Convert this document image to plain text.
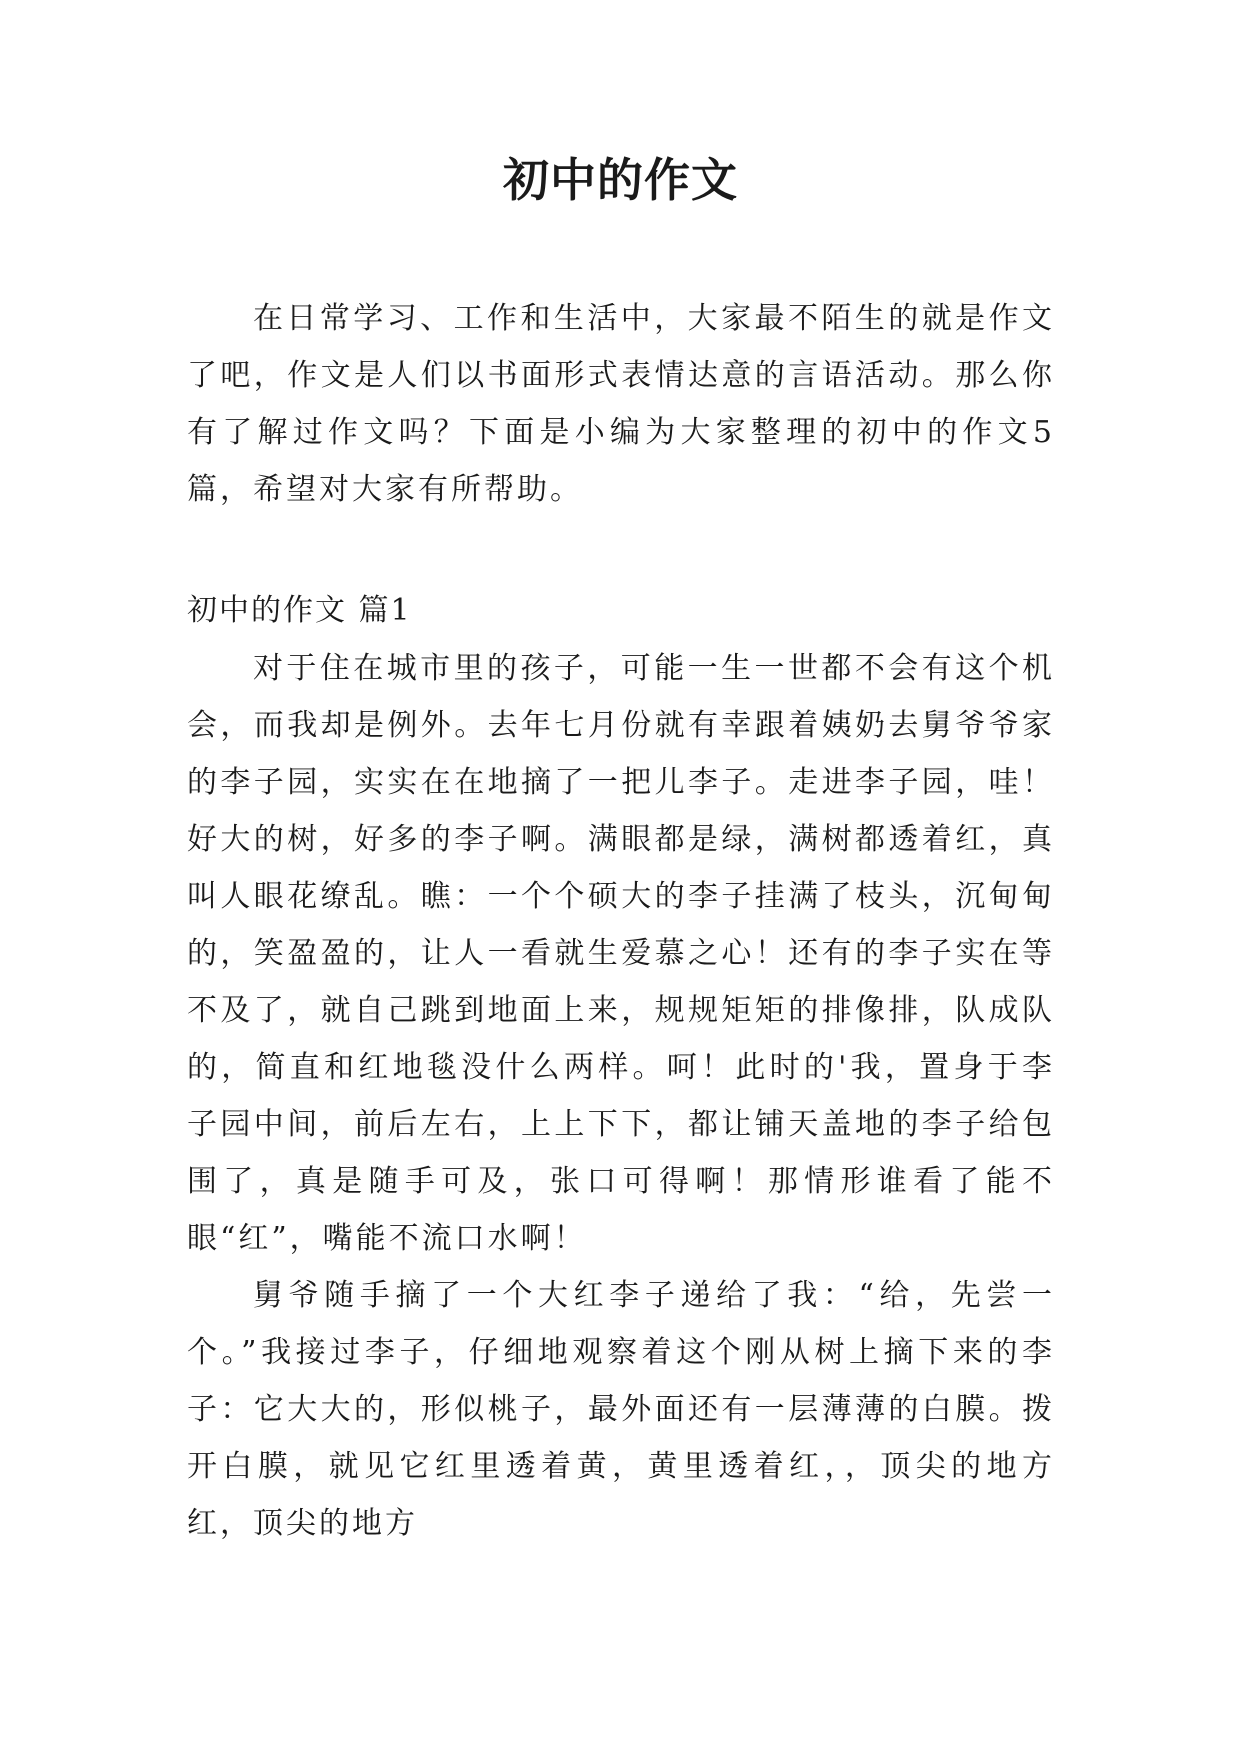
初中的作文

在日常学习、工作和生活中，大家最不陌生的就是作文了吧，作文是人们以书面形式表情达意的言语活动。那么你有了解过作文吗？下面是小编为大家整理的初中的作文5篇，希望对大家有所帮助。

初中的作文 篇1

对于住在城市里的孩子，可能一生一世都不会有这个机会，而我却是例外。去年七月份就有幸跟着姨奶去舅爷爷家的李子园，实实在在地摘了一把儿李子。走进李子园，哇！好大的树，好多的李子啊。满眼都是绿，满树都透着红，真叫人眼花缭乱。瞧：一个个硕大的李子挂满了枝头，沉甸甸的，笑盈盈的，让人一看就生爱慕之心！还有的李子实在等不及了，就自己跳到地面上来，规规矩矩的排像排，队成队的，简直和红地毯没什么两样。呵！此时的'我，置身于李子园中间，前后左右，上上下下，都让铺天盖地的李子给包围了，真是随手可及，张口可得啊！那情形谁看了能不眼“红”，嘴能不流口水啊！

舅爷随手摘了一个大红李子递给了我：“给，先尝一个。”我接过李子，仔细地观察着这个刚从树上摘下来的李子：它大大的，形似桃子，最外面还有一层薄薄的白膜。拨开白膜，就见它红里透着黄，黄里透着红，，顶尖的地方红，顶尖的地方
